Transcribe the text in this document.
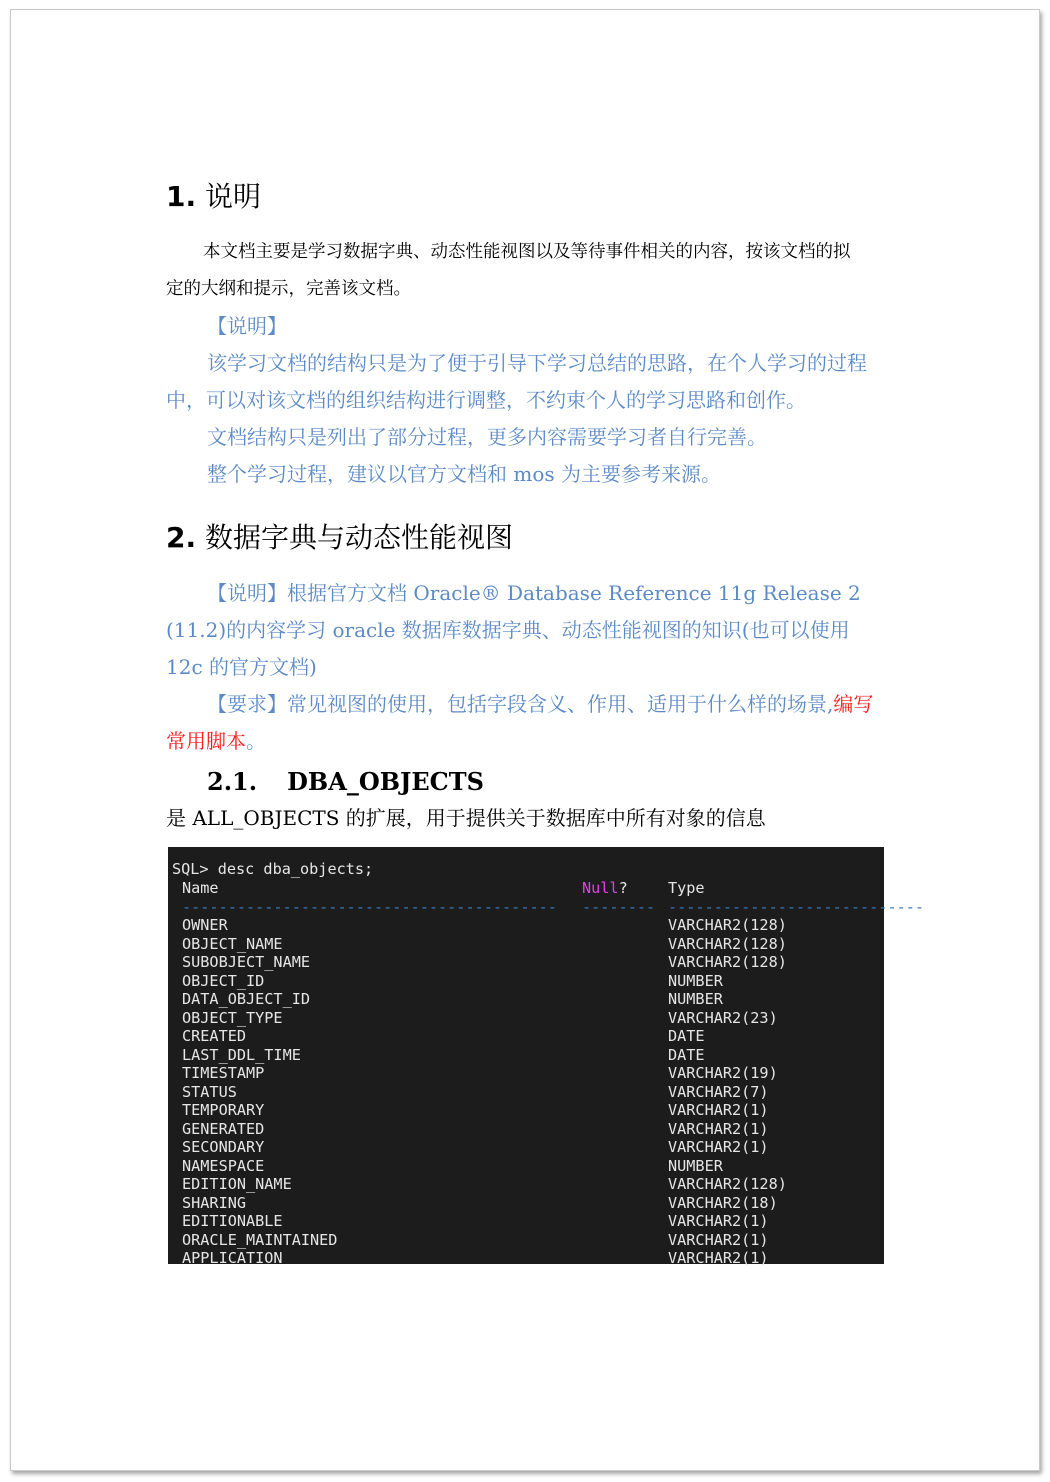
1. 说明
本文档主要是学习数据字典、动态性能视图以及等待事件相关的内容，按该文档的拟
定的大纲和提示，完善该文档。
【说明】
该学习文档的结构只是为了便于引导下学习总结的思路，在个人学习的过程中，可以对该文档的组织结构进行调整，不约束个人的学习思路和创作。
文档结构只是列出了部分过程，更多内容需要学习者自行完善。
整个学习过程，建议以官方文档和 mos 为主要参考来源。
2. 数据字典与动态性能视图
【说明】根据官方文档 Oracle® Database Reference 11g Release 2 (11.2)的内容学习 oracle 数据库数据字典、动态性能视图的知识(也可以使用 12c 的官方文档)
【要求】常见视图的使用，包括字段含义、作用、适用于什么样的场景,编写常用脚本。
2.1. DBA_OBJECTS
是 ALL_OBJECTS 的扩展，用于提供关于数据库中所有对象的信息
SQL> desc dba_objects;
Name	Null?	Type
----------------------------------------- -------- ----------------------------
OWNER	VARCHAR2(128)
OBJECT_NAME	VARCHAR2(128)
SUBOBJECT_NAME	VARCHAR2(128)
OBJECT_ID	NUMBER
DATA_OBJECT_ID	NUMBER
OBJECT_TYPE	VARCHAR2(23)
CREATED	DATE
LAST_DDL_TIME	DATE
TIMESTAMP	VARCHAR2(19)
STATUS	VARCHAR2(7)
TEMPORARY	VARCHAR2(1)
GENERATED	VARCHAR2(1)
SECONDARY	VARCHAR2(1)
NAMESPACE	NUMBER
EDITION_NAME	VARCHAR2(128)
SHARING	VARCHAR2(18)
EDITIONABLE	VARCHAR2(1)
ORACLE_MAINTAINED	VARCHAR2(1)
APPLICATION	VARCHAR2(1)
